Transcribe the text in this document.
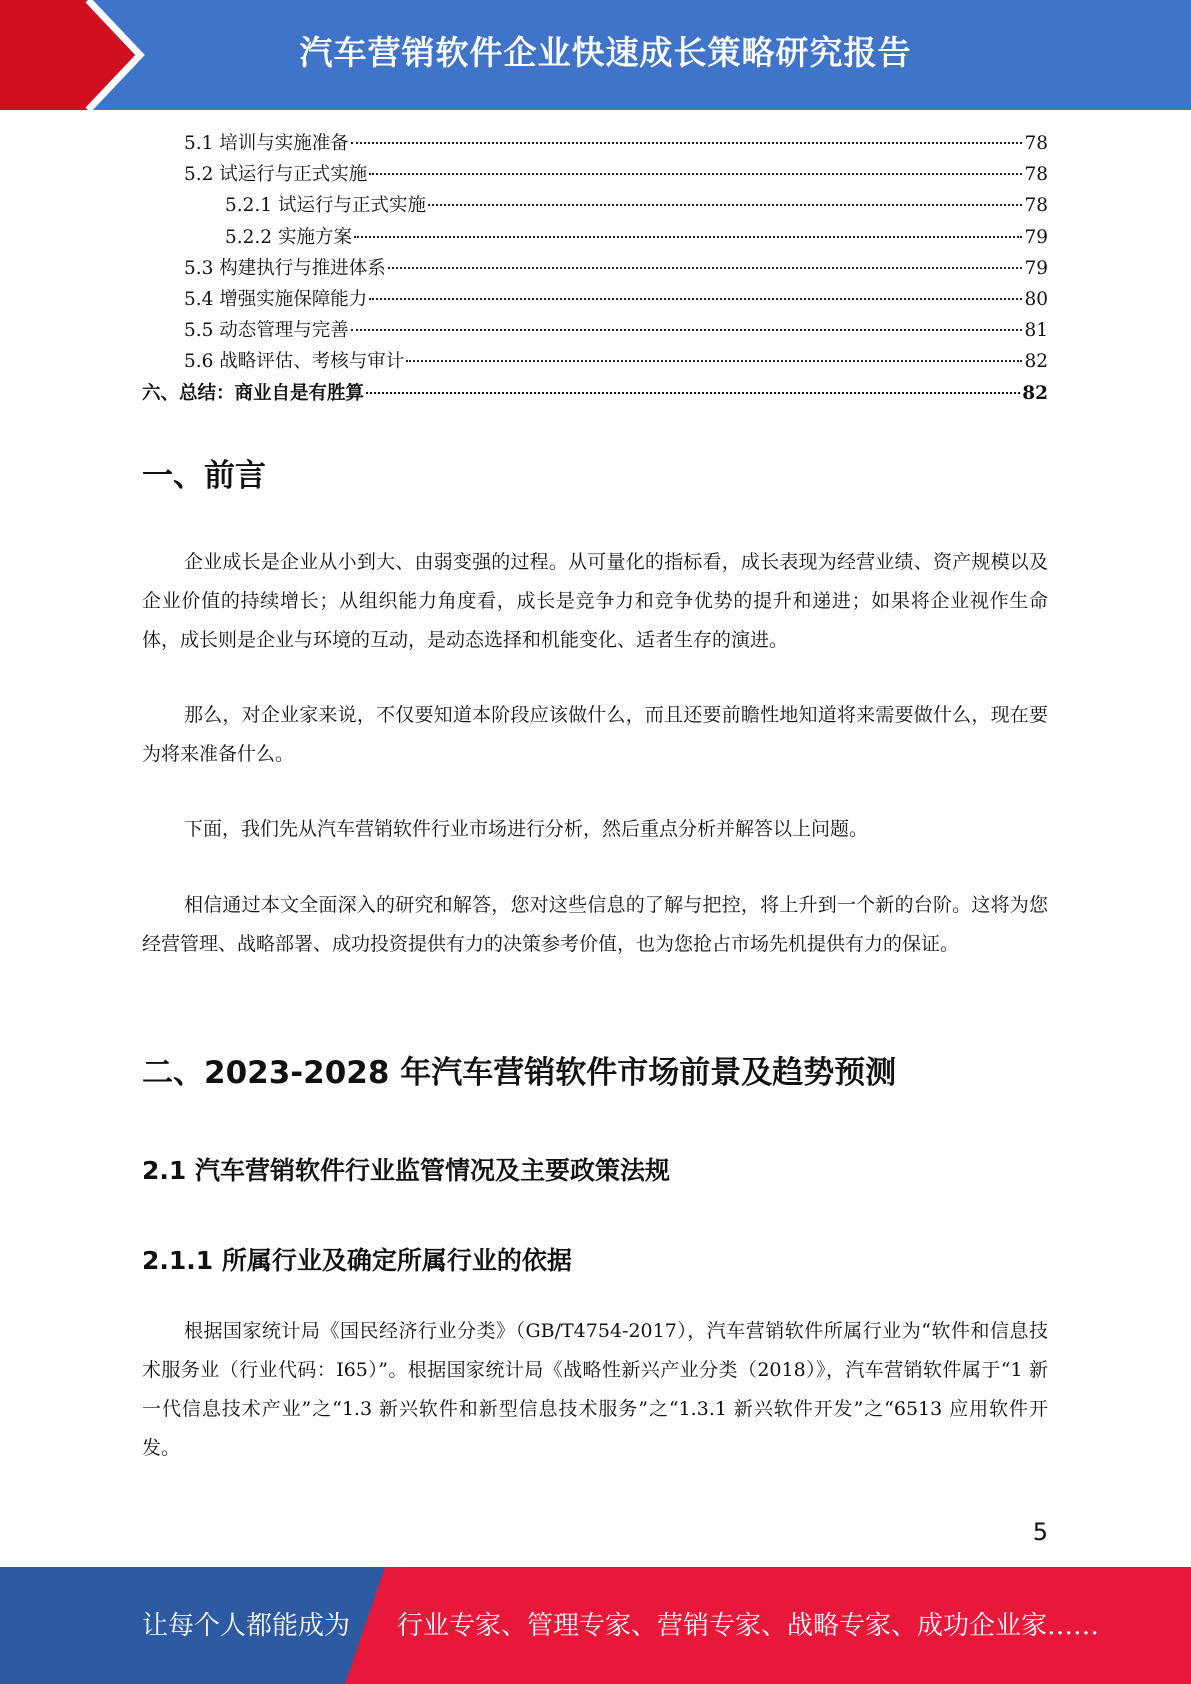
汽车营销软件企业快速成长策略研究报告
5.1 培训与实施准备	78
5.2 试运行与正式实施	78
5.2.1 试运行与正式实施	78
5.2.2 实施方案	79
5.3 构建执行与推进体系	79
5.4 增强实施保障能力	80
5.5 动态管理与完善	81
5.6 战略评估、考核与审计	82
六、总结：商业自是有胜算	82
一、前言

企业成长是企业从小到大、由弱变强的过程。从可量化的指标看，成长表现为经营业绩、资产规模以及企业价值的持续增长；从组织能力角度看，成长是竞争力和竞争优势的提升和递进；如果将企业视作生命体，成长则是企业与环境的互动，是动态选择和机能变化、适者生存的演进。

那么，对企业家来说，不仅要知道本阶段应该做什么，而且还要前瞻性地知道将来需要做什么，现在要为将来准备什么。

下面，我们先从汽车营销软件行业市场进行分析，然后重点分析并解答以上问题。

相信通过本文全面深入的研究和解答，您对这些信息的了解与把控，将上升到一个新的台阶。这将为您经营管理、战略部署、成功投资提供有力的决策参考价值，也为您抢占市场先机提供有力的保证。

二、2023-2028 年汽车营销软件市场前景及趋势预测
2.1 汽车营销软件行业监管情况及主要政策法规
2.1.1 所属行业及确定所属行业的依据

根据国家统计局《国民经济行业分类》（GB/T4754-2017），汽车营销软件所属行业为“软件和信息技术服务业（行业代码：I65）”。根据国家统计局《战略性新兴产业分类（2018）》，汽车营销软件属于“1 新一代信息技术产业”之“1.3 新兴软件和新型信息技术服务”之“1.3.1 新兴软件开发”之“6513 应用软件开发。

5
让每个人都能成为 行业专家、管理专家、营销专家、战略专家、成功企业家……
